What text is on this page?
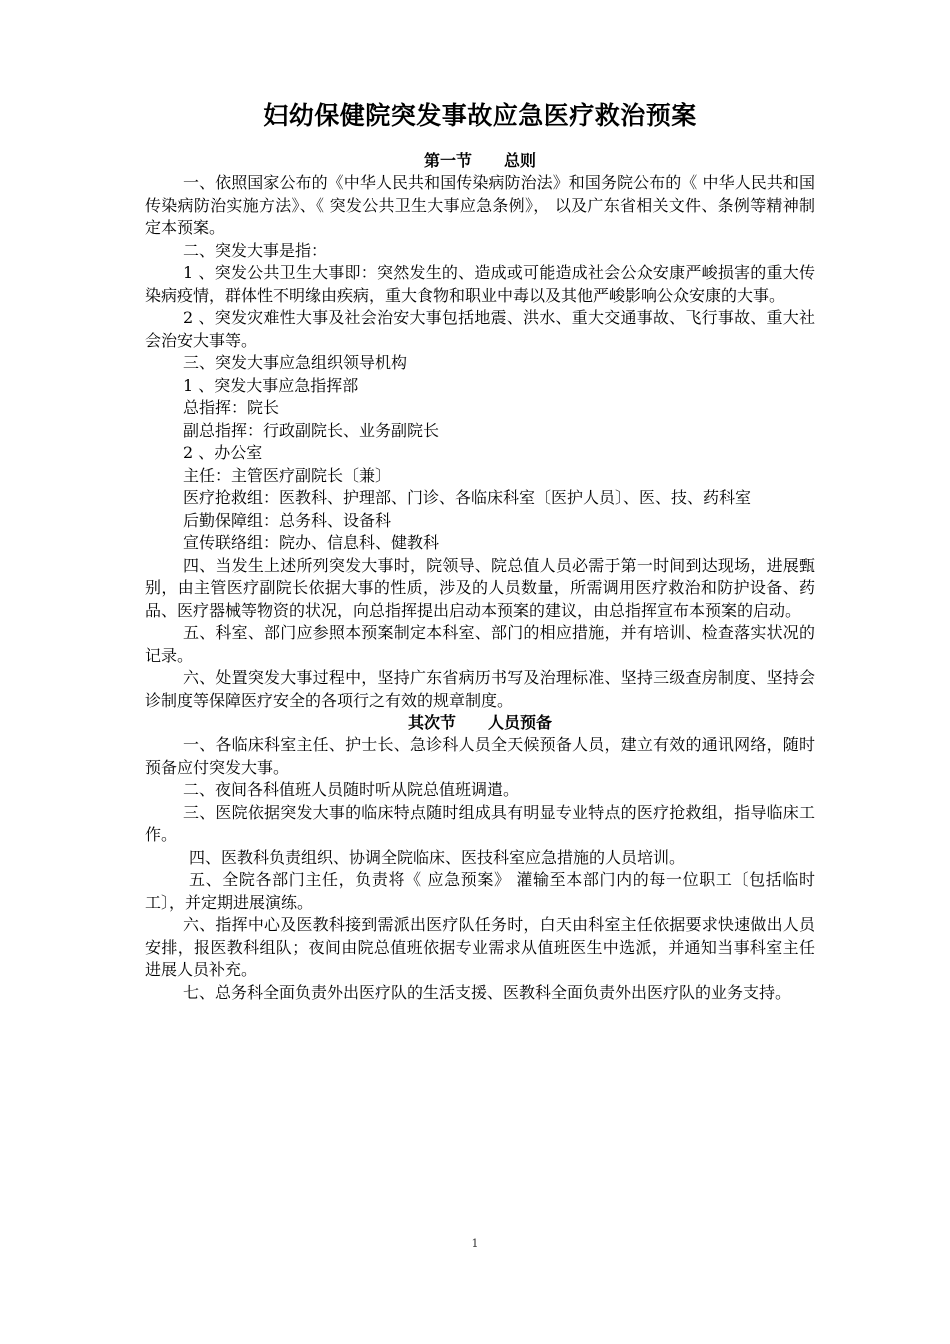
妇幼保健院突发事故应急医疗救治预案
第一节　　总则

一、依照国家公布的《中华人民共和国传染病防治法》和国务院公布的《 中华人民共和国传染病防治实施方法》、《 突发公共卫生大事应急条例》， 以及广东省相关文件、条例等精神制定本预案。

二、突发大事是指：

1 、突发公共卫生大事即：突然发生的、造成或可能造成社会公众安康严峻损害的重大传染病疫情，群体性不明缘由疾病，重大食物和职业中毒以及其他严峻影响公众安康的大事。

2 、突发灾难性大事及社会治安大事包括地震、洪水、重大交通事故、飞行事故、重大社会治安大事等。

三、突发大事应急组织领导机构

1 、突发大事应急指挥部

总指挥：院长

副总指挥：行政副院长、业务副院长

2 、办公室

主任：主管医疗副院长〔兼〕

医疗抢救组：医教科、护理部、门诊、各临床科室〔医护人员〕、医、技、药科室

后勤保障组：总务科、设备科

宣传联络组：院办、信息科、健教科

四、当发生上述所列突发大事时，院领导、院总值人员必需于第一时间到达现场，进展甄别，由主管医疗副院长依据大事的性质，涉及的人员数量，所需调用医疗救治和防护设备、药品、医疗器械等物资的状况，向总指挥提出启动本预案的建议，由总指挥宣布本预案的启动。

五、科室、部门应参照本预案制定本科室、部门的相应措施，并有培训、检查落实状况的记录。

六、处置突发大事过程中，坚持广东省病历书写及治理标准、坚持三级查房制度、坚持会诊制度等保障医疗安全的各项行之有效的规章制度。

其次节　　人员预备

一、各临床科室主任、护士长、急诊科人员全天候预备人员，建立有效的通讯网络，随时预备应付突发大事。

二、夜间各科值班人员随时听从院总值班调遣。

三、医院依据突发大事的临床特点随时组成具有明显专业特点的医疗抢救组，指导临床工作。

四、医教科负责组织、协调全院临床、医技科室应急措施的人员培训。

五、全院各部门主任，负责将《 应急预案》 灌输至本部门内的每一位职工〔包括临时工〕，并定期进展演练。

六、指挥中心及医教科接到需派出医疗队任务时，白天由科室主任依据要求快速做出人员安排，报医教科组队；夜间由院总值班依据专业需求从值班医生中选派，并通知当事科室主任进展人员补充。

七、总务科全面负责外出医疗队的生活支援、医教科全面负责外出医疗队的业务支持。

1
